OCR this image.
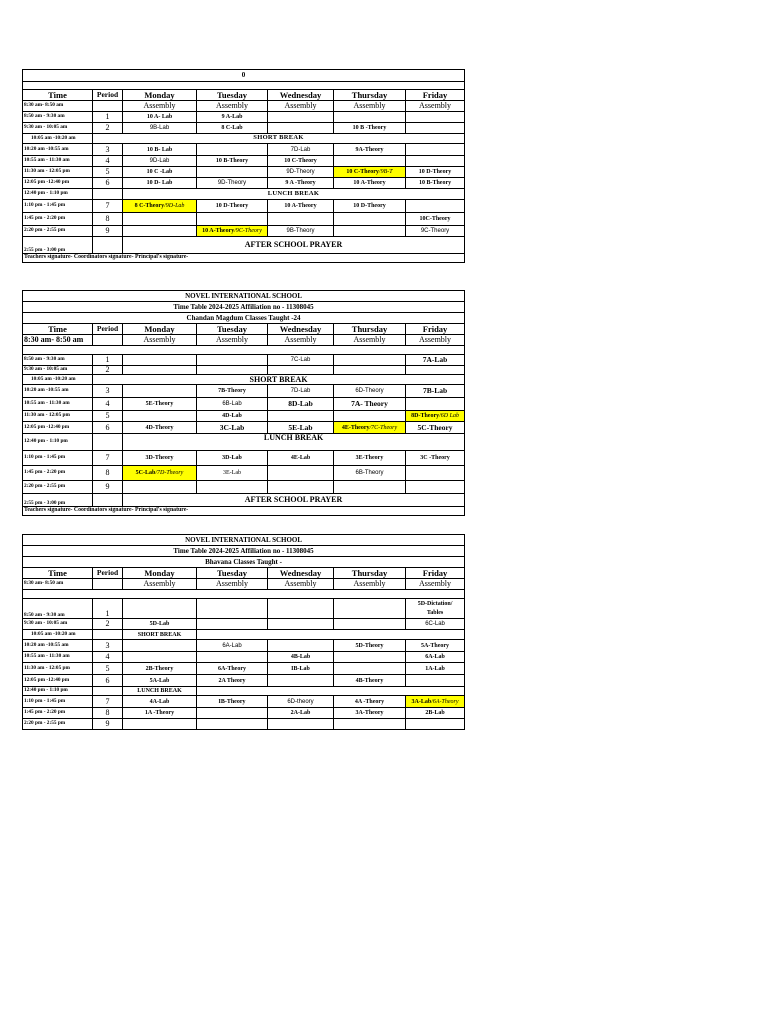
0						

Time	Period	Monday	Tuesday	Wednesday	Thursday	Friday
8:30 am- 8:50 am		Assembly	Assembly	Assembly	Assembly	Assembly
8:50 am - 9:30 am	1	10 A- Lab	9 A-Lab			
9:30 am - 10:05 am	2	9B-Lab	8 C-Lab		10 B -Theory	
10:05 am -10:20 am	SHORT BREAK					
10:20 am -10:55 am	3	10 B- Lab		7D-Lab	9A-Theory	
10:55 am - 11:30 am	4	9D-Lab	10 B-Theory	10 C-Theory		
11:30 am - 12:05 pm	5	10 C -Lab		9D-Theory	10 C-Theory/9B-T	10 D-Theory
12:05 pm -12:40 pm	6	10 D- Lab	9D-Theory	9 A -Theory	10 A-Theory	10 B-Theory
12:40 pm - 1:10 pm		LUNCH BREAK				
1:10 pm - 1:45 pm	7	8 C-Theory/9D-Lab	10 D-Theory	10 A-Theory	10 D-Theory	
1:45 pm - 2:20 pm	8					10C-Theory
2:20 pm - 2:55 pm	9		10 A-Theory/9C-Theory	9B-Theory		9C-Theory
2:55 pm - 3:00 pm		AFTER SCHOOL PRAYER				
Teachers signature- Coordinators signature- Principal's signature-						
NOVEL INTERNATIONAL SCHOOL						
Time Table 2024-2025 Affiliation no - 11308045						
Chandan Magdum Classes Taught -24						
Time	Period	Monday	Tuesday	Wednesday	Thursday	Friday
8:30 am- 8:50 am		Assembly	Assembly	Assembly	Assembly	Assembly

8:50 am - 9:30 am	1			7C-Lab		7A-Lab
9:30 am - 10:05 am	2					
10:05 am -10:20 am	SHORT BREAK					
10:20 am -10:55 am	3		7B-Theory	7D-Lab	6D-Theory	7B-Lab
10:55 am - 11:30 am	4	5E-Theory	6B-Lab	8D-Lab	7A- Theory	
11:30 am - 12:05 pm	5		4D-Lab			8D-Theory/6D Lab
12:05 pm -12:40 pm	6	4D-Theory	3C-Lab	5E-Lab	4E-Theory/7C-Theory	5C-Theory
12:40 pm - 1:10 pm		LUNCH BREAK				
1:10 pm - 1:45 pm	7	3D-Theory	3D-Lab	4E-Lab	3E-Theory	3C -Theory
1:45 pm - 2:20 pm	8	5C-Lab/7D-Theory	3E-Lab		6B-Theory	
2:20 pm - 2:55 pm	9					
2:55 pm - 3:00 pm		AFTER SCHOOL PRAYER				
Teachers signature- Coordinators signature- Principal's signature-						
NOVEL INTERNATIONAL SCHOOL						
Time Table 2024-2025 Affiliation no - 11308045						
Bhavana Classes Taught -						
Time	Period	Monday	Tuesday	Wednesday	Thursday	Friday
8:30 am- 8:50 am		Assembly	Assembly	Assembly	Assembly	Assembly

8:50 am - 9:30 am	1					5D-Dictation/
Tables
9:30 am - 10:05 am	2	5D-Lab				6C-Lab
10:05 am -10:20 am		SHORT BREAK				
10:20 am -10:55 am	3		6A-Lab		5D-Theory	5A-Theory
10:55 am - 11:30 am	4			4B-Lab		6A-Lab
11:30 am - 12:05 pm	5	2B-Theory	6A-Theory	IB-Lab		1A-Lab
12:05 pm -12:40 pm	6	5A-Lab	2A Theory		4B-Theory	
12:40 pm - 1:10 pm		LUNCH BREAK				
1:10 pm - 1:45 pm	7	4A-Lab	IB-Theory	6D-theory	4A -Theory	3A-Lab/6A-Theory
1:45 pm - 2:20 pm	8	1A -Theory		2A-Lab	3A-Theory	2B-Lab
2:20 pm - 2:55 pm	9					
